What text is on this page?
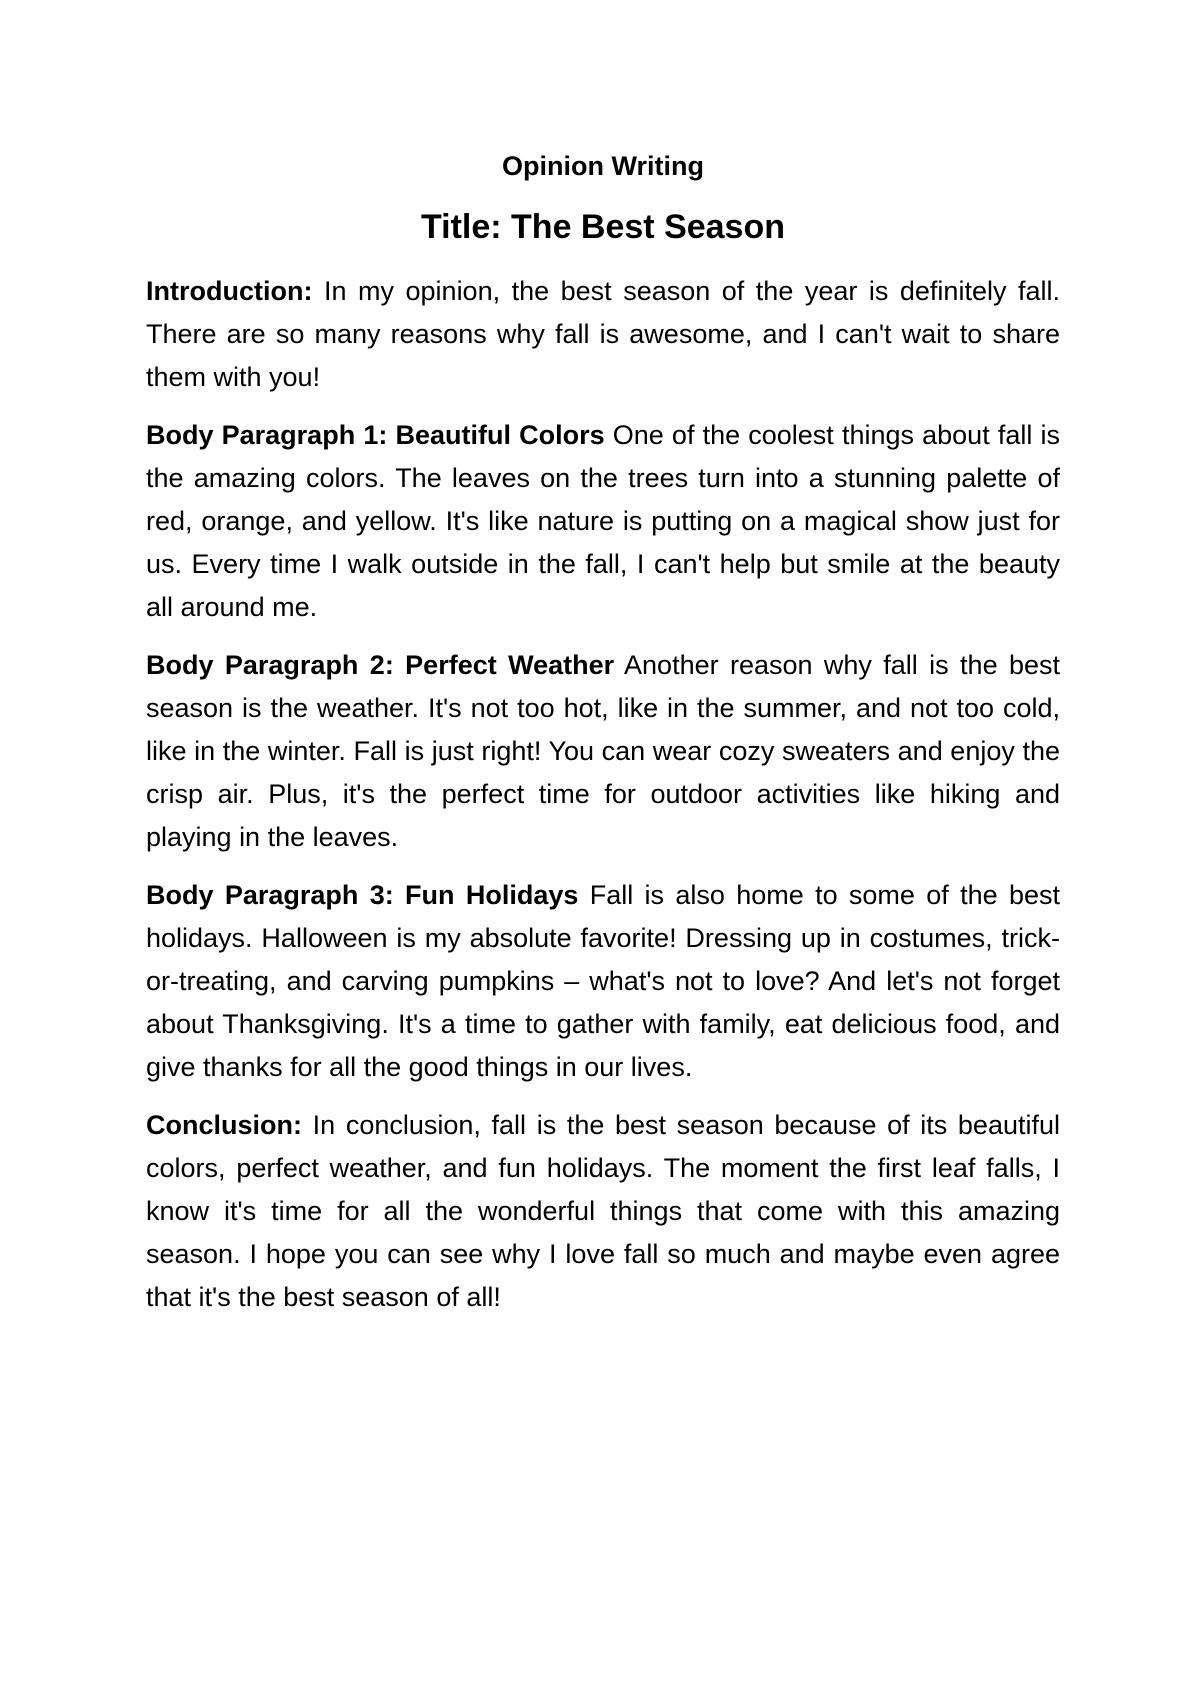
Opinion Writing
Title: The Best Season

Introduction: In my opinion, the best season of the year is definitely fall. There are so many reasons why fall is awesome, and I can't wait to share them with you!

Body Paragraph 1: Beautiful Colors One of the coolest things about fall is the amazing colors. The leaves on the trees turn into a stunning palette of red, orange, and yellow. It's like nature is putting on a magical show just for us. Every time I walk outside in the fall, I can't help but smile at the beauty all around me.

Body Paragraph 2: Perfect Weather Another reason why fall is the best season is the weather. It's not too hot, like in the summer, and not too cold, like in the winter. Fall is just right! You can wear cozy sweaters and enjoy the crisp air. Plus, it's the perfect time for outdoor activities like hiking and playing in the leaves.

Body Paragraph 3: Fun Holidays Fall is also home to some of the best holidays. Halloween is my absolute favorite! Dressing up in costumes, trick-or-treating, and carving pumpkins – what's not to love? And let's not forget about Thanksgiving. It's a time to gather with family, eat delicious food, and give thanks for all the good things in our lives.

Conclusion: In conclusion, fall is the best season because of its beautiful colors, perfect weather, and fun holidays. The moment the first leaf falls, I know it's time for all the wonderful things that come with this amazing season. I hope you can see why I love fall so much and maybe even agree that it's the best season of all!
